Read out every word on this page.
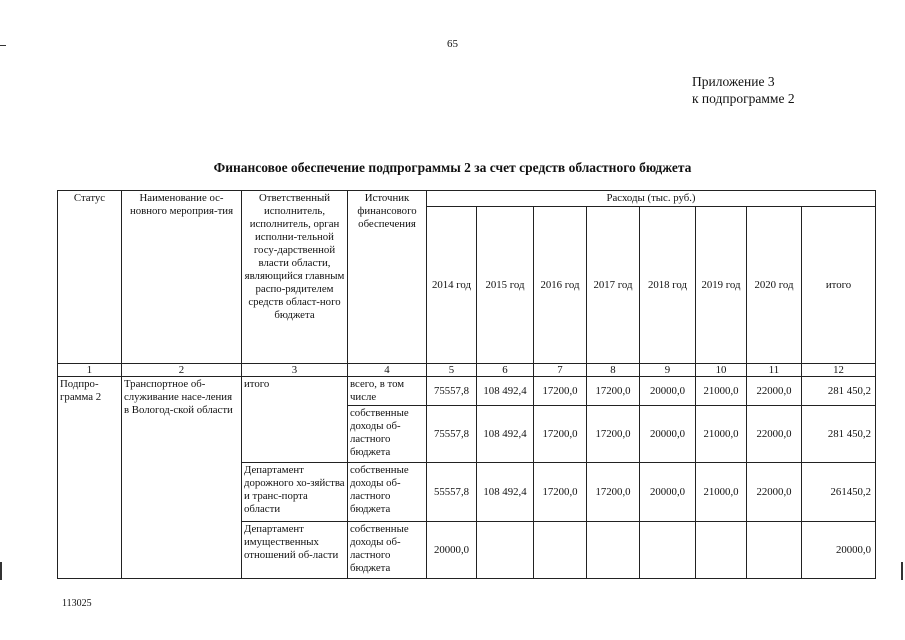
65
Приложение 3
к подпрограмме 2
Финансовое обеспечение подпрограммы 2 за счет средств областного бюджета
Статус	Наименование ос-новного мероприя-тия	Ответственный исполнитель, исполнитель, орган исполни-тельной госу-дарственной власти области, являющийся главным распо-рядителем средств област-ного бюджета	Источник финансового обеспечения	Расходы (тыс. руб.)							
				2014 год	2015 год	2016 год	2017 год	2018 год	2019 год	2020 год	итого
1	2	3	4	5	6	7	8	9	10	11	12
Подпро-грамма 2	Транспортное об-служивание насе-ления в Вологод-ской области	итого	всего, в том числе	75557,8	108 492,4	17200,0	17200,0	20000,0	21000,0	22000,0	281 450,2
			собственные доходы об-ластного бюджета	75557,8	108 492,4	17200,0	17200,0	20000,0	21000,0	22000,0	281 450,2
		Департамент дорожного хо-зяйства и транс-порта области	собственные доходы об-ластного бюджета	55557,8	108 492,4	17200,0	17200,0	20000,0	21000,0	22000,0	261450,2
		Департамент имущественных отношений об-ласти	собственные доходы об-ластного бюджета	20000,0							20000,0
113025
